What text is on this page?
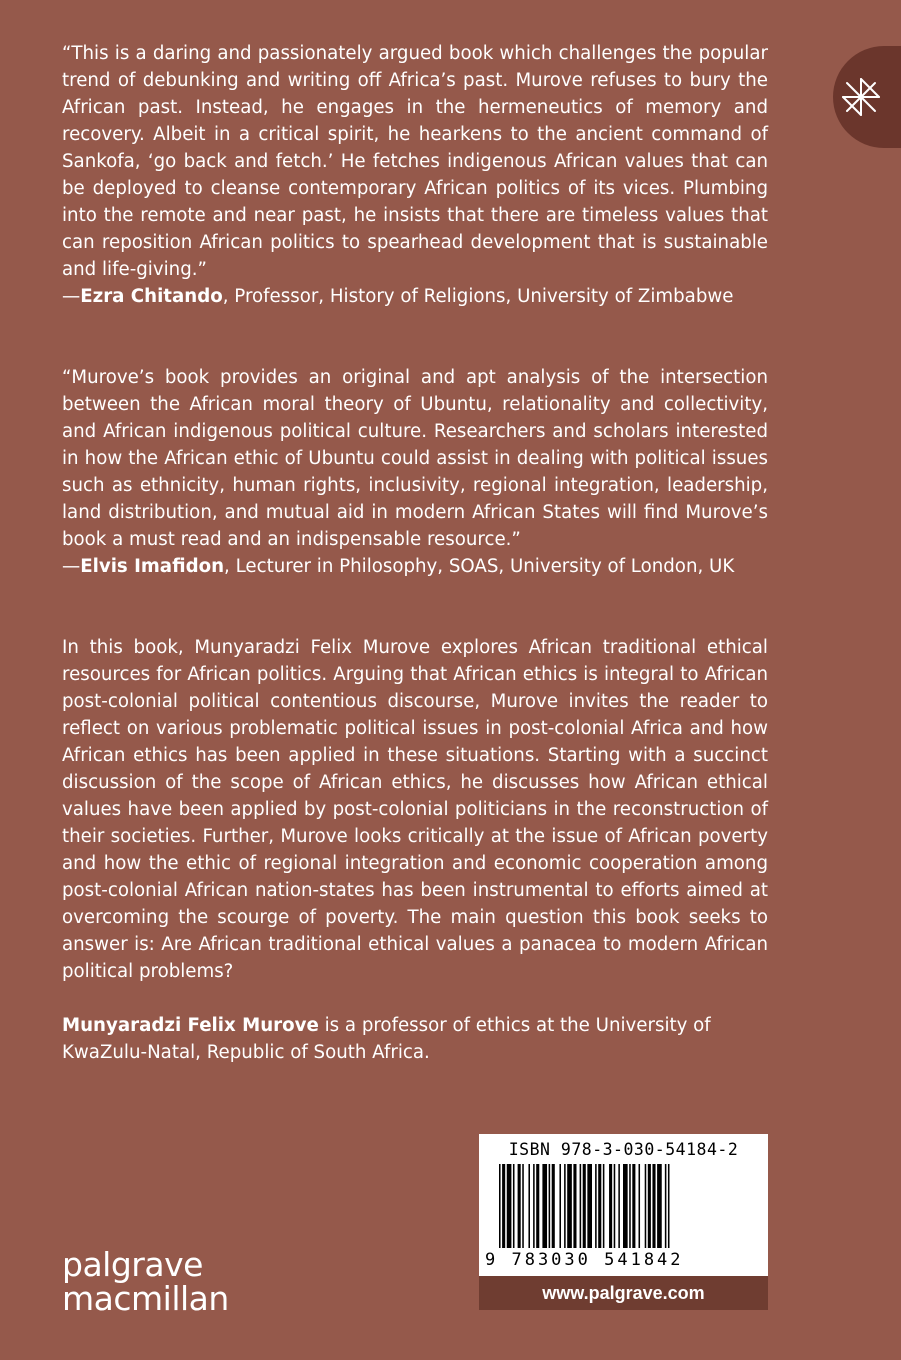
“This is a daring and passionately argued book which challenges the popular trend of debunking and writing off Africa’s past. Murove refuses to bury the African past. Instead, he engages in the hermeneutics of memory and recovery. Albeit in a critical spirit, he hearkens to the ancient command of Sankofa, ‘go back and fetch.’ He fetches indigenous African values that can be deployed to cleanse contemporary African politics of its vices. Plumbing into the remote and near past, he insists that there are timeless values that can reposition African politics to spearhead development that is sustainable and life-giving.”

—Ezra Chitando, Professor, History of Religions, University of Zimbabwe

“Murove’s book provides an original and apt analysis of the intersection between the African moral theory of Ubuntu, relationality and collectivity, and African indigenous political culture. Researchers and scholars interested in how the African ethic of Ubuntu could assist in dealing with political issues such as ethnicity, human rights, inclusivity, regional integration, leadership, land distribution, and mutual aid in modern African States will find Murove’s book a must read and an indispensable resource.”

—Elvis Imafidon, Lecturer in Philosophy, SOAS, University of London, UK

In this book, Munyaradzi Felix Murove explores African traditional ethical resources for African politics. Arguing that African ethics is integral to African post-colonial political contentious discourse, Murove invites the reader to reflect on various problematic political issues in post-colonial Africa and how African ethics has been applied in these situations. Starting with a succinct discussion of the scope of African ethics, he discusses how African ethical values have been applied by post-colonial politicians in the reconstruction of their societies. Further, Murove looks critically at the issue of African poverty and how the ethic of regional integration and economic cooperation among post-colonial African nation-states has been instrumental to efforts aimed at overcoming the scourge of poverty. The main question this book seeks to answer is: Are African traditional ethical values a panacea to modern African political problems?

Munyaradzi Felix Murove is a professor of ethics at the University of KwaZulu-Natal, Republic of South Africa.

ISBN 978-3-030-54184-2
9 783030 541842
www.palgrave.com
palgrave
macmillan
